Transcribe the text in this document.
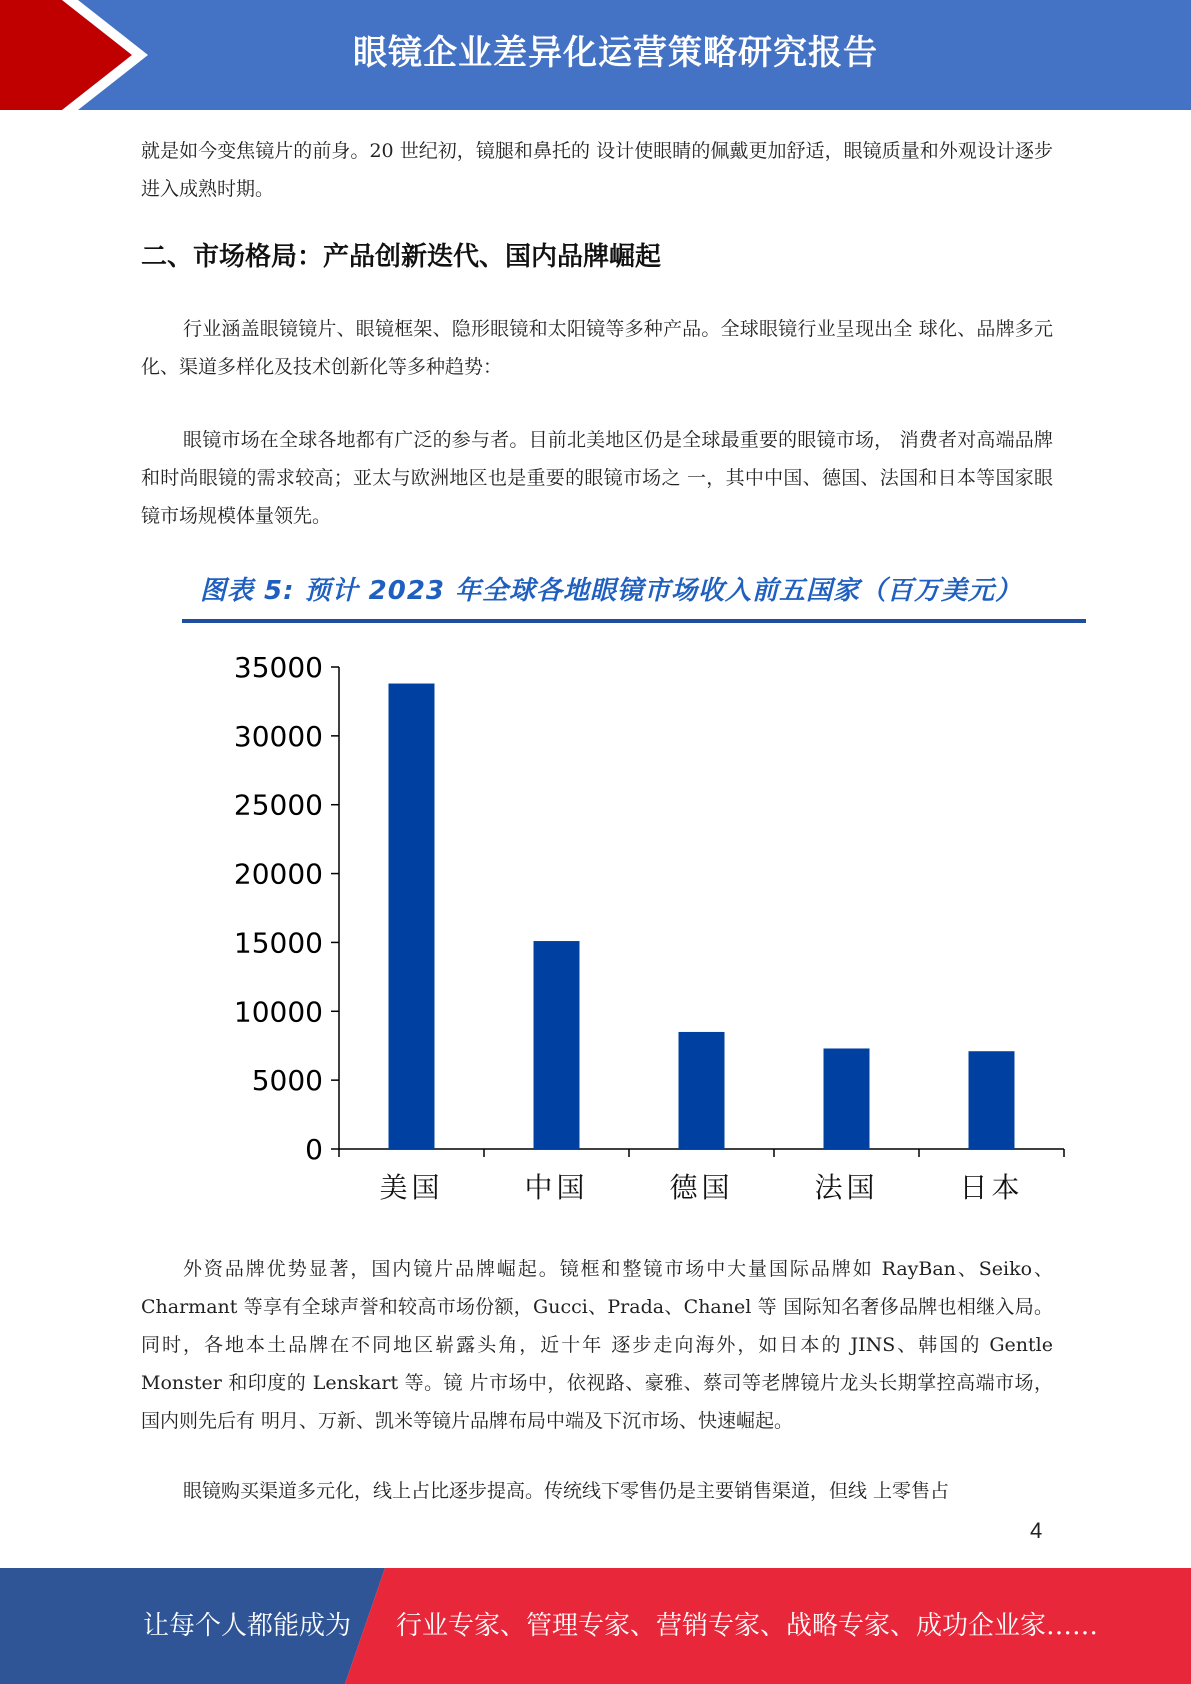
眼镜企业差异化运营策略研究报告

就是如今变焦镜片的前身。20 世纪初，镜腿和鼻托的 设计使眼睛的佩戴更加舒适，眼镜质量和外观设计逐步进入成熟时期。

二、市场格局：产品创新迭代、国内品牌崛起

行业涵盖眼镜镜片、眼镜框架、隐形眼镜和太阳镜等多种产品。全球眼镜行业呈现出全 球化、品牌多元化、渠道多样化及技术创新化等多种趋势：

眼镜市场在全球各地都有广泛的参与者。目前北美地区仍是全球最重要的眼镜市场， 消费者对高端品牌和时尚眼镜的需求较高；亚太与欧洲地区也是重要的眼镜市场之 一，其中中国、德国、法国和日本等国家眼镜市场规模体量领先。

图表 5: 预计 2023 年全球各地眼镜市场收入前五国家（百万美元）
0
5000
10000
15000
20000
25000
30000
35000
美国	中国	德国	法国	日本

外资品牌优势显著，国内镜片品牌崛起。镜框和整镜市场中大量国际品牌如 RayBan、Seiko、Charmant 等享有全球声誉和较高市场份额，Gucci、Prada、Chanel 等 国际知名奢侈品牌也相继入局。同时，各地本土品牌在不同地区崭露头角，近十年 逐步走向海外，如日本的 JINS、韩国的 Gentle Monster 和印度的 Lenskart 等。镜 片市场中，依视路、豪雅、蔡司等老牌镜片龙头长期掌控高端市场，国内则先后有 明月、万新、凯米等镜片品牌布局中端及下沉市场、快速崛起。

眼镜购买渠道多元化，线上占比逐步提高。传统线下零售仍是主要销售渠道，但线 上零售占

4
让每个人都能成为 行业专家、管理专家、营销专家、战略专家、成功企业家……
